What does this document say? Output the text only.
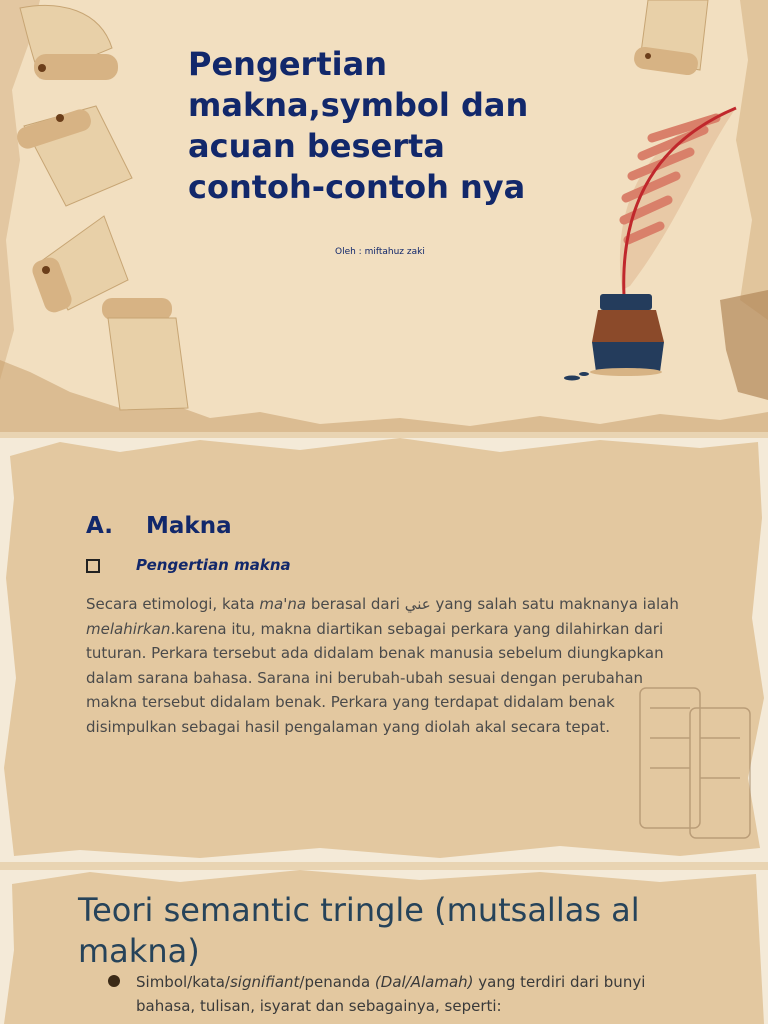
Pengertian makna,symbol dan acuan beserta contoh-contoh nya
Oleh : miftahuz zaki
A.	Makna
Pengertian makna
Secara etimologi, kata ma'na berasal dari عني yang salah satu maknanya ialah melahirkan.karena itu, makna diartikan sebagai perkara yang dilahirkan dari tuturan. Perkara tersebut ada didalam benak manusia sebelum diungkapkan dalam sarana bahasa. Sarana ini berubah-ubah sesuai dengan perubahan makna tersebut didalam benak. Perkara yang terdapat didalam benak disimpulkan sebagai hasil pengalaman yang diolah akal secara tepat.
Teori semantic tringle (mutsallas al makna)
Simbol/kata/signifiant/penanda (Dal/Alamah) yang terdiri dari bunyi bahasa, tulisan, isyarat dan sebagainya, seperti:
